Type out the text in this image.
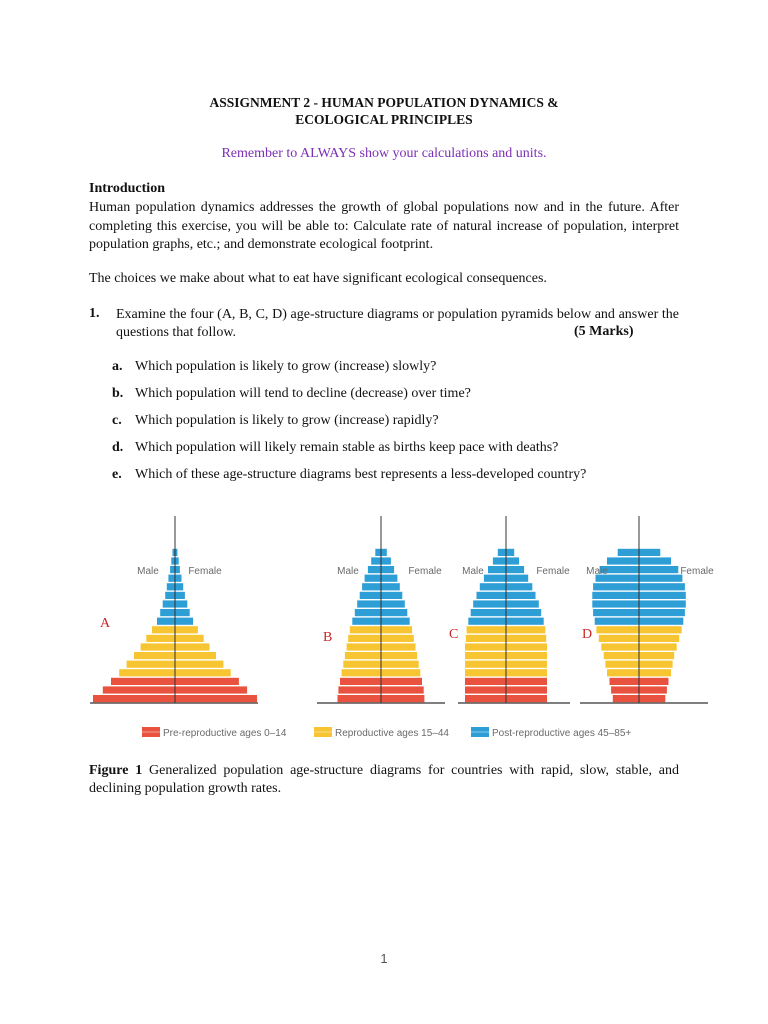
ASSIGNMENT 2 - HUMAN POPULATION DYNAMICS &
ECOLOGICAL PRINCIPLES
Remember to ALWAYS show your calculations and units.
Introduction
Human population dynamics addresses the growth of global populations now and in the future. After completing this exercise, you will be able to: Calculate rate of natural increase of population, interpret population graphs, etc.; and demonstrate ecological footprint.
The choices we make about what to eat have significant ecological consequences.
1. Examine the four (A, B, C, D) age-structure diagrams or population pyramids below and answer the questions that follow.	(5 Marks)
a. Which population is likely to grow (increase) slowly?
b. Which population will tend to decline (decrease) over time?
c. Which population is likely to grow (increase) rapidly?
d. Which population will likely remain stable as births keep pace with deaths?
e. Which of these age-structure diagrams best represents a less-developed country?
Male	Female
A
Male	Female
B
Male	Female
C
Male	Female
D
Pre-reproductive ages 0–14	Reproductive ages 15–44	Post-reproductive ages 45–85+
Figure 1 Generalized population age-structure diagrams for countries with rapid, slow, stable, and declining population growth rates.
1
